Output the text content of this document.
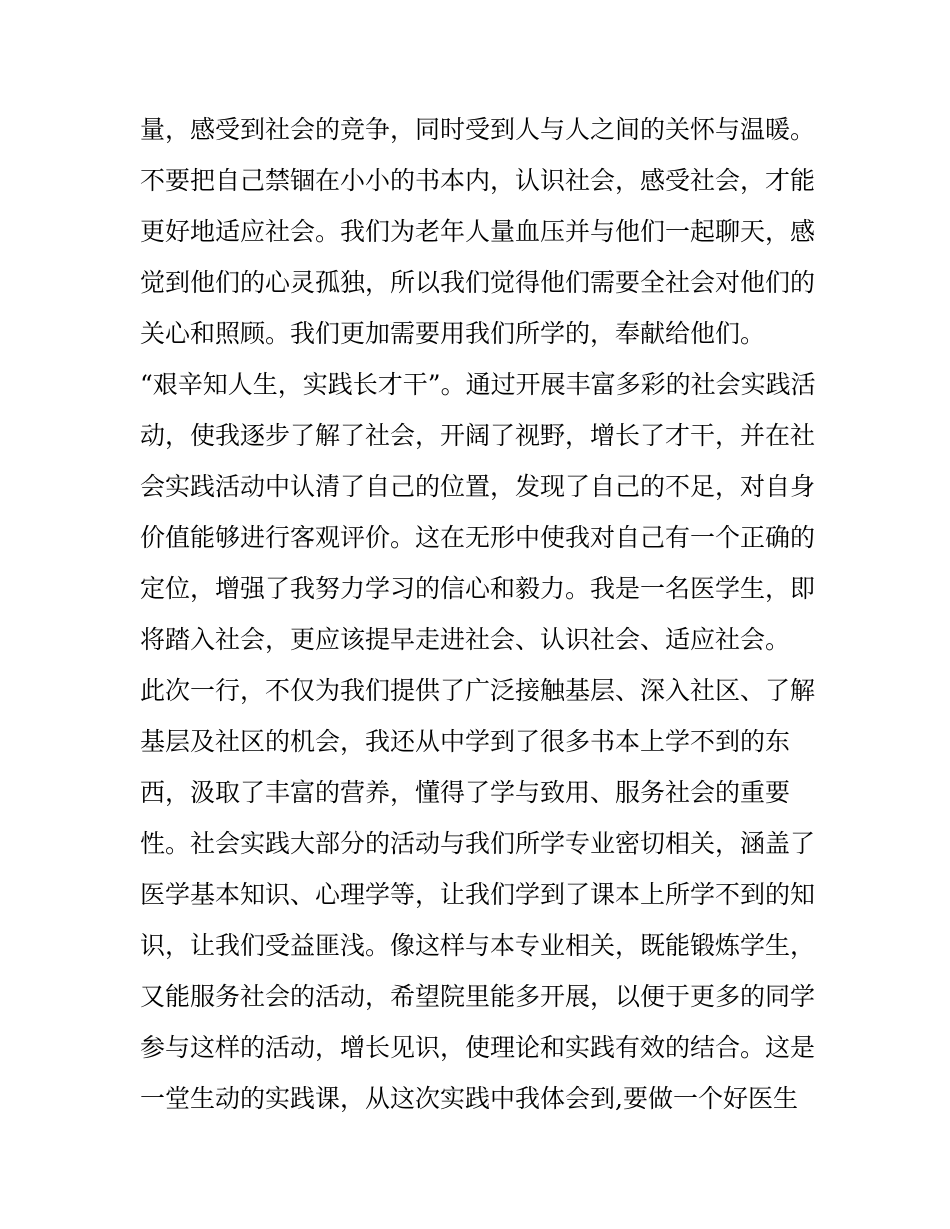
量，感受到社会的竞争，同时受到人与人之间的关怀与温暖。
不要把自己禁锢在小小的书本内，认识社会，感受社会，才能
更好地适应社会。我们为老年人量血压并与他们一起聊天，感
觉到他们的心灵孤独，所以我们觉得他们需要全社会对他们的
关心和照顾。我们更加需要用我们所学的，奉献给他们。
“艰辛知人生，实践长才干”。通过开展丰富多彩的社会实践活
动，使我逐步了解了社会，开阔了视野，增长了才干，并在社
会实践活动中认清了自己的位置，发现了自己的不足，对自身
价值能够进行客观评价。这在无形中使我对自己有一个正确的
定位，增强了我努力学习的信心和毅力。我是一名医学生，即
将踏入社会，更应该提早走进社会、认识社会、适应社会。
此次一行，不仅为我们提供了广泛接触基层、深入社区、了解
基层及社区的机会，我还从中学到了很多书本上学不到的东
西，汲取了丰富的营养，懂得了学与致用、服务社会的重要
性。社会实践大部分的活动与我们所学专业密切相关，涵盖了
医学基本知识、心理学等，让我们学到了课本上所学不到的知
识，让我们受益匪浅。像这样与本专业相关，既能锻炼学生，
又能服务社会的活动，希望院里能多开展，以便于更多的同学
参与这样的活动，增长见识，使理论和实践有效的结合。这是
一堂生动的实践课，从这次实践中我体会到,要做一个好医生
